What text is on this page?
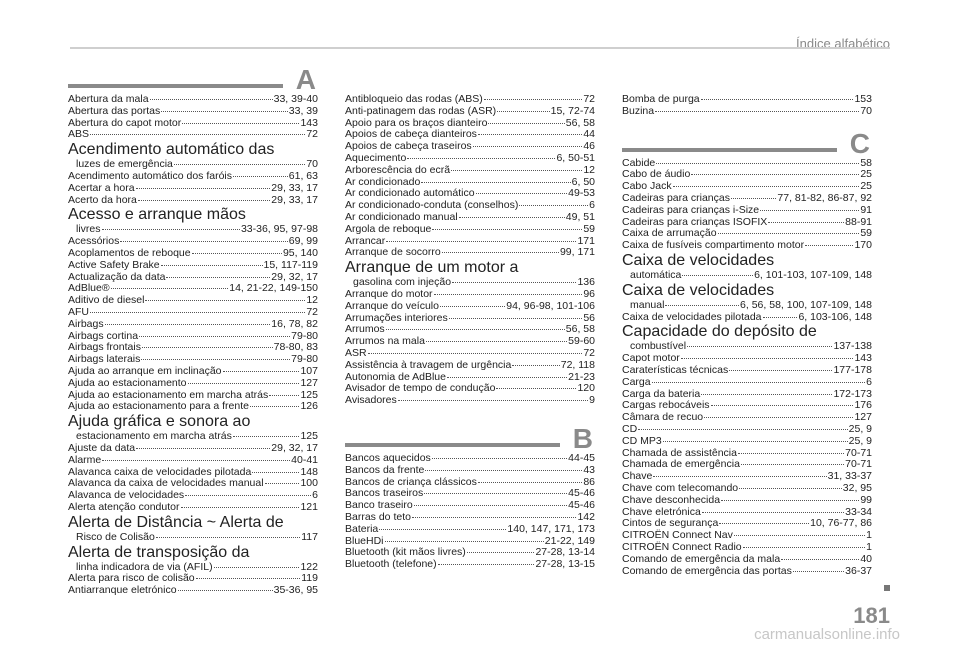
Índice alfabético
A
Abertura da mala	33, 39-40
Abertura das portas	33, 39
Abertura do capot motor	143
ABS	72
Acendimento automático das
luzes de emergência	70
Acendimento automático dos faróis	61, 63
Acertar a hora	29, 33, 17
Acerto da hora	29, 33, 17
Acesso e arranque mãos
livres	33-36, 95, 97-98
Acessórios	69, 99
Acoplamentos de reboque	95, 140
Active Safety Brake	15, 117-119
Actualização da data	29, 32, 17
AdBlue®	14, 21-22, 149-150
Aditivo de diesel	12
AFU	72
Airbags	16, 78, 82
Airbags cortina	79-80
Airbags frontais	78-80, 83
Airbags laterais	79-80
Ajuda ao arranque em inclinação	107
Ajuda ao estacionamento	127
Ajuda ao estacionamento em marcha atrás	125
Ajuda ao estacionamento para a frente	126
Ajuda gráfica e sonora ao
estacionamento em marcha atrás	125
Ajuste da data	29, 32, 17
Alarme	40-41
Alavanca caixa de velocidades pilotada	148
Alavanca da caixa de velocidades manual	100
Alavanca de velocidades	6
Alerta atenção condutor	121
Alerta de Distância ~ Alerta de
Risco de Colisão	117
Alerta de transposição da
linha indicadora de via (AFIL)	122
Alerta para risco de colisão	119
Antiarranque eletrónico	35-36, 95
Antibloqueio das rodas (ABS)	72
Anti-patinagem das rodas (ASR)	15, 72-74
Apoio para os braços dianteiro	56, 58
Apoios de cabeça dianteiros	44
Apoios de cabeça traseiros	46
Aquecimento	6, 50-51
Arborescência do ecrã	12
Ar condicionado	6, 50
Ar condicionado automático	49-53
Ar condicionado-conduta (conselhos)	6
Ar condicionado manual	49, 51
Argola de reboque	59
Arrancar	171
Arranque de socorro	99, 171
Arranque de um motor a
gasolina com injeção	136
Arranque do motor	96
Arranque do veículo	94, 96-98, 101-106
Arrumações interiores	56
Arrumos	56, 58
Arrumos na mala	59-60
ASR	72
Assistência à travagem de urgência	72, 118
Autonomia de AdBlue	21-23
Avisador de tempo de condução	120
Avisadores	9
B
Bancos aquecidos	44-45
Bancos da frente	43
Bancos de criança clássicos	86
Bancos traseiros	45-46
Banco traseiro	45-46
Barras do teto	142
Bateria	140, 147, 171, 173
BlueHDi	21-22, 149
Bluetooth (kit mãos livres)	27-28, 13-14
Bluetooth (telefone)	27-28, 13-15
Bomba de purga	153
Buzina	70
C
Cabide	58
Cabo de áudio	25
Cabo Jack	25
Cadeiras para crianças	77, 81-82, 86-87, 92
Cadeiras para crianças i-Size	91
Cadeiras para crianças ISOFIX	88-91
Caixa de arrumação	59
Caixa de fusíveis compartimento motor	170
Caixa de velocidades
automática	6, 101-103, 107-109, 148
Caixa de velocidades
manual	6, 56, 58, 100, 107-109, 148
Caixa de velocidades pilotada	6, 103-106, 148
Capacidade do depósito de
combustível	137-138
Capot motor	143
Caraterísticas técnicas	177-178
Carga	6
Carga da bateria	172-173
Cargas rebocáveis	176
Câmara de recuo	127
CD	25, 9
CD MP3	25, 9
Chamada de assistência	70-71
Chamada de emergência	70-71
Chave	31, 33-37
Chave com telecomando	32, 95
Chave desconhecida	99
Chave eletrónica	33-34
Cintos de segurança	10, 76-77, 86
CITROËN Connect Nav	1
CITROËN Connect Radio	1
Comando de emergência da mala	40
Comando de emergência das portas	36-37
181
carmanualsonline.info
